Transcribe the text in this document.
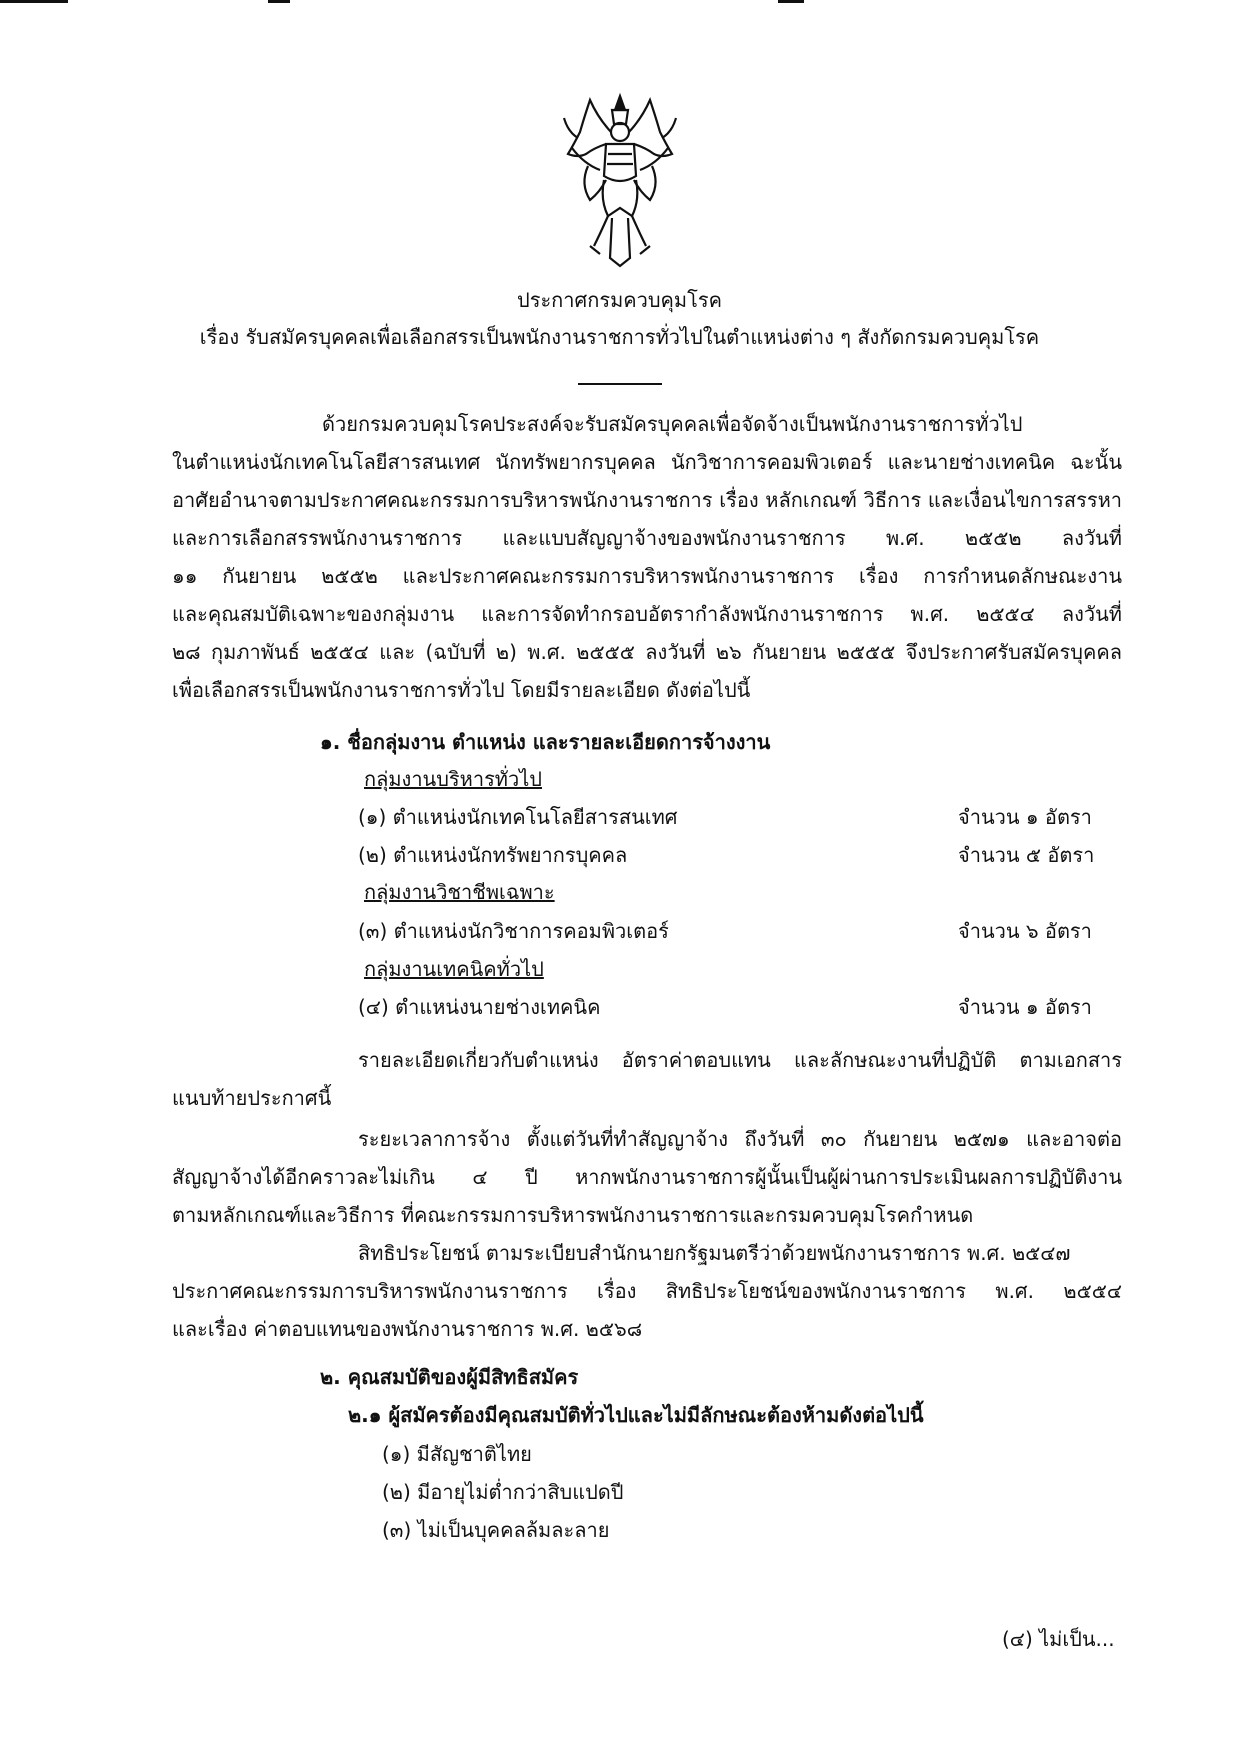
ประกาศกรมควบคุมโรค
เรื่อง รับสมัครบุคคลเพื่อเลือกสรรเป็นพนักงานราชการทั่วไปในตำแหน่งต่าง ๆ สังกัดกรมควบคุมโรค
ด้วยกรมควบคุมโรคประสงค์จะรับสมัครบุคคลเพื่อจัดจ้างเป็นพนักงานราชการทั่วไป
ในตำแหน่งนักเทคโนโลยีสารสนเทศ นักทรัพยากรบุคคล นักวิชาการคอมพิวเตอร์ และนายช่างเทคนิค ฉะนั้น
อาศัยอำนาจตามประกาศคณะกรรมการบริหารพนักงานราชการ เรื่อง หลักเกณฑ์ วิธีการ และเงื่อนไขการสรรหา
และการเลือกสรรพนักงานราชการ และแบบสัญญาจ้างของพนักงานราชการ พ.ศ. ๒๕๕๒ ลงวันที่
๑๑ กันยายน ๒๕๕๒ และประกาศคณะกรรมการบริหารพนักงานราชการ เรื่อง การกำหนดลักษณะงาน
และคุณสมบัติเฉพาะของกลุ่มงาน และการจัดทำกรอบอัตรากำลังพนักงานราชการ พ.ศ. ๒๕๕๔ ลงวันที่
๒๘ กุมภาพันธ์ ๒๕๕๔ และ (ฉบับที่ ๒) พ.ศ. ๒๕๕๕ ลงวันที่ ๒๖ กันยายน ๒๕๕๕ จึงประกาศรับสมัครบุคคล
เพื่อเลือกสรรเป็นพนักงานราชการทั่วไป โดยมีรายละเอียด ดังต่อไปนี้
๑. ชื่อกลุ่มงาน ตำแหน่ง และรายละเอียดการจ้างงาน
กลุ่มงานบริหารทั่วไป
(๑) ตำแหน่งนักเทคโนโลยีสารสนเทศ	จำนวน ๑ อัตรา
(๒) ตำแหน่งนักทรัพยากรบุคคล	จำนวน ๕ อัตรา
กลุ่มงานวิชาชีพเฉพาะ
(๓) ตำแหน่งนักวิชาการคอมพิวเตอร์	จำนวน ๖ อัตรา
กลุ่มงานเทคนิคทั่วไป
(๔) ตำแหน่งนายช่างเทคนิค	จำนวน ๑ อัตรา
รายละเอียดเกี่ยวกับตำแหน่ง อัตราค่าตอบแทน และลักษณะงานที่ปฏิบัติ ตามเอกสาร
แนบท้ายประกาศนี้
ระยะเวลาการจ้าง ตั้งแต่วันที่ทำสัญญาจ้าง ถึงวันที่ ๓๐ กันยายน ๒๕๗๑ และอาจต่อ
สัญญาจ้างได้อีกคราวละไม่เกิน ๔ ปี หากพนักงานราชการผู้นั้นเป็นผู้ผ่านการประเมินผลการปฏิบัติงาน
ตามหลักเกณฑ์และวิธีการ ที่คณะกรรมการบริหารพนักงานราชการและกรมควบคุมโรคกำหนด
สิทธิประโยชน์ ตามระเบียบสำนักนายกรัฐมนตรีว่าด้วยพนักงานราชการ พ.ศ. ๒๕๔๗
ประกาศคณะกรรมการบริหารพนักงานราชการ เรื่อง สิทธิประโยชน์ของพนักงานราชการ พ.ศ. ๒๕๕๔
และเรื่อง ค่าตอบแทนของพนักงานราชการ พ.ศ. ๒๕๖๘
๒. คุณสมบัติของผู้มีสิทธิสมัคร
๒.๑ ผู้สมัครต้องมีคุณสมบัติทั่วไปและไม่มีลักษณะต้องห้ามดังต่อไปนี้
(๑) มีสัญชาติไทย
(๒) มีอายุไม่ต่ำกว่าสิบแปดปี
(๓) ไม่เป็นบุคคลล้มละลาย
(๔) ไม่เป็น...
